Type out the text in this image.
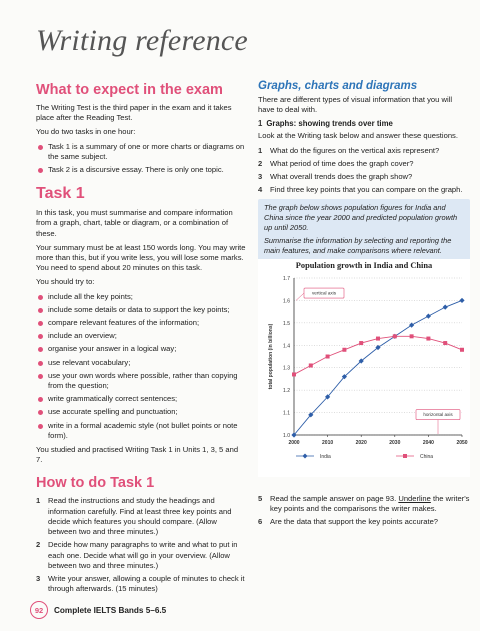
Writing reference
What to expect in the exam

The Writing Test is the third paper in the exam and it takes place after the Reading Test.

You do two tasks in one hour:

Task 1 is a summary of one or more charts or diagrams on the same subject.
Task 2 is a discursive essay. There is only one topic.
Task 1

In this task, you must summarise and compare information from a graph, chart, table or diagram, or a combination of these.

Your summary must be at least 150 words long. You may write more than this, but if you write less, you will lose some marks. You need to spend about 20 minutes on this task.

You should try to:

include all the key points;
include some details or data to support the key points;
compare relevant features of the information;
include an overview;
organise your answer in a logical way;
use relevant vocabulary;
use your own words where possible, rather than copying from the question;
write grammatically correct sentences;
use accurate spelling and punctuation;
write in a formal academic style (not bullet points or note form).

You studied and practised Writing Task 1 in Units 1, 3, 5 and 7.

How to do Task 1
1 Read the instructions and study the headings and information carefully. Find at least three key points and decide which features you should compare. (Allow between two and three minutes.)
2 Decide how many paragraphs to write and what to put in each one. Decide what will go in your overview. (Allow between two and three minutes.)
3 Write your answer, allowing a couple of minutes to check it through afterwards. (15 minutes)
Graphs, charts and diagrams

There are different types of visual information that you will have to deal with.

1 Graphs: showing trends over time

Look at the Writing task below and answer these questions.

1 What do the figures on the vertical axis represent?
2 What period of time does the graph cover?
3 What overall trends does the graph show?
4 Find three key points that you can compare on the graph.

The graph below shows population figures for India and China since the year 2000 and predicted population growth up until 2050.

Summarise the information by selecting and reporting the main features, and make comparisons where relevant.

Population growth in India and China
1.0
1.1
1.2
1.3
1.4
1.5
1.6
1.7
2000	2010	2020	2030	2040	2050
total population (in billions)
vertical axis
horizontal axis
India	China
5 Read the sample answer on page 93. Underline the writer's key points and the comparisons the writer makes.
6 Are the data that support the key points accurate?
92	Complete IELTS Bands 5–6.5
